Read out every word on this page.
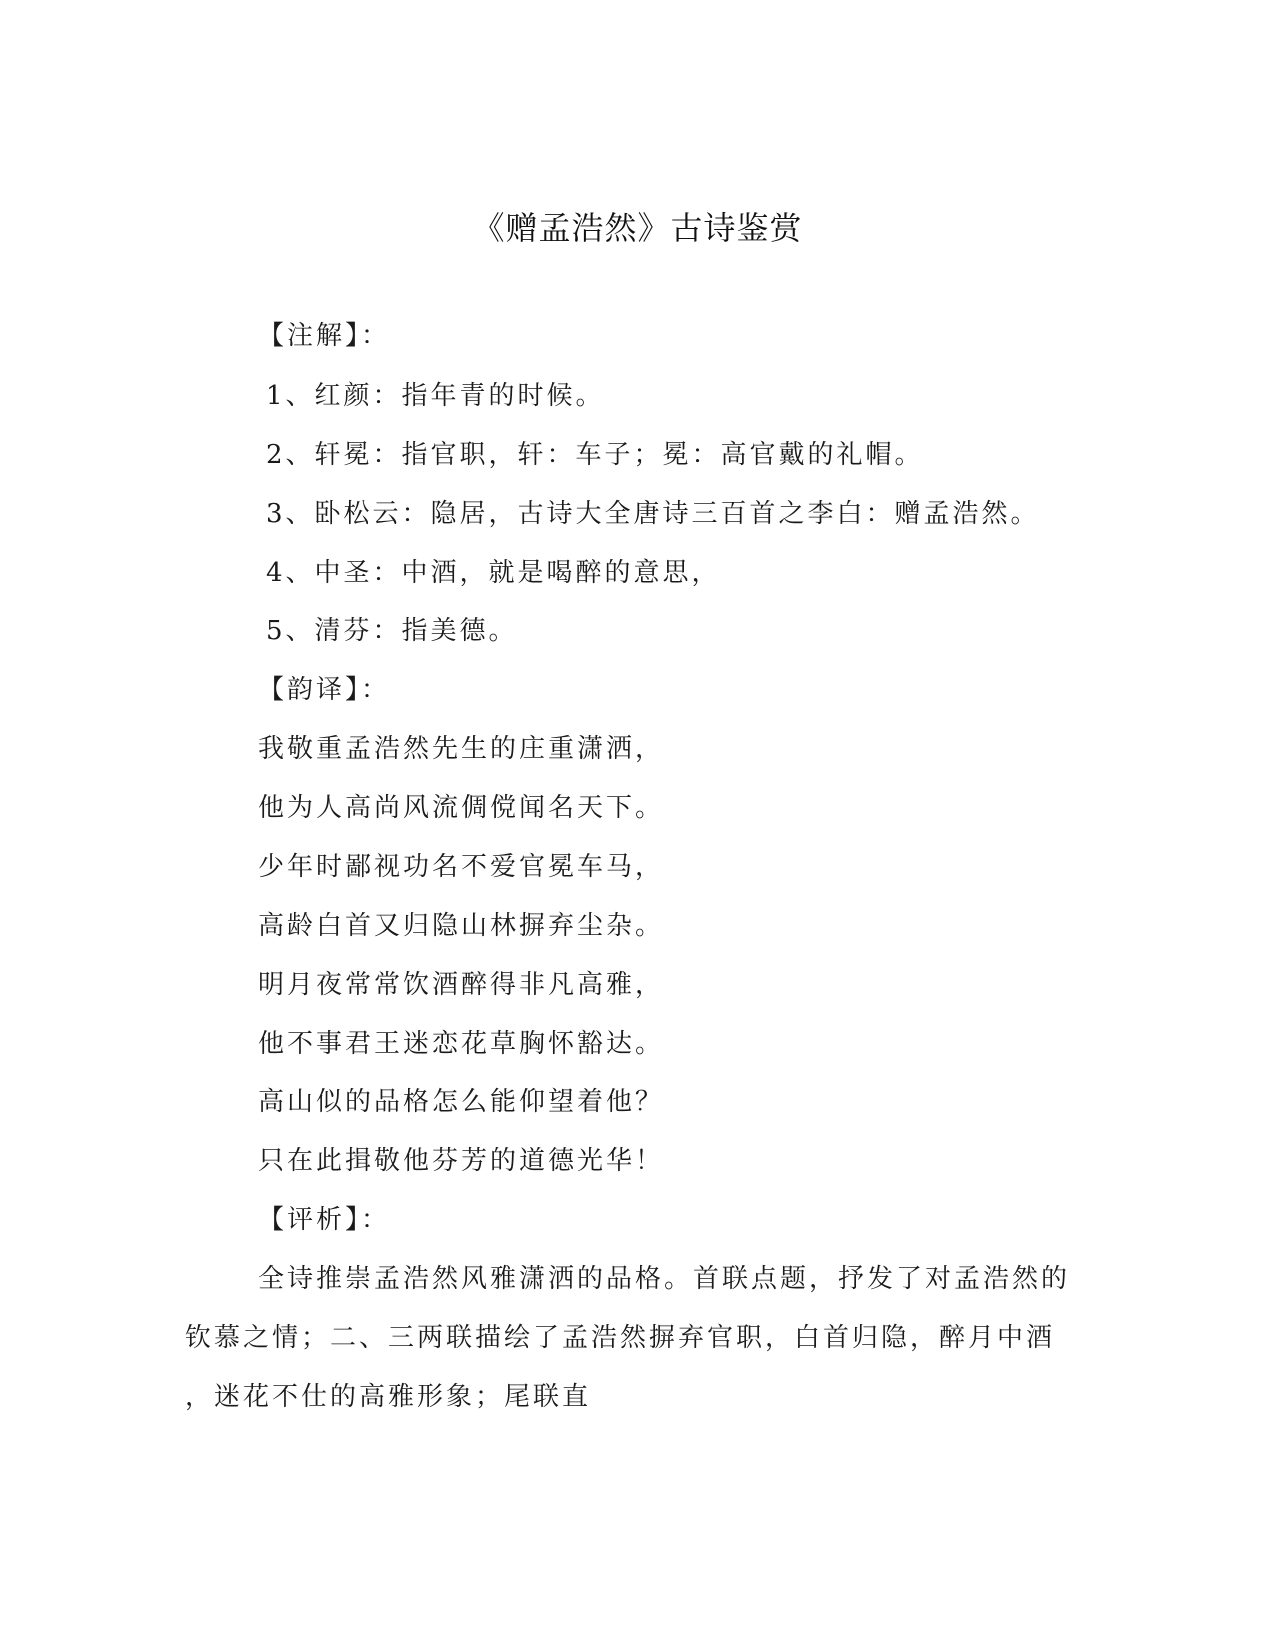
《赠孟浩然》古诗鉴赏

【注解】：

1、红颜：指年青的时候。

2、轩冕：指官职，轩：车子；冕：高官戴的礼帽。

3、卧松云：隐居，古诗大全唐诗三百首之李白：赠孟浩然。

4、中圣：中酒，就是喝醉的意思，

5、清芬：指美德。

【韵译】：

我敬重孟浩然先生的庄重潇洒，

他为人高尚风流倜傥闻名天下。

少年时鄙视功名不爱官冕车马，

高龄白首又归隐山林摒弃尘杂。

明月夜常常饮酒醉得非凡高雅，

他不事君王迷恋花草胸怀豁达。

高山似的品格怎么能仰望着他？

只在此揖敬他芬芳的道德光华！

【评析】：

全诗推崇孟浩然风雅潇洒的品格。首联点题，抒发了对孟浩然的

钦慕之情；二、三两联描绘了孟浩然摒弃官职，白首归隐，醉月中酒

，迷花不仕的高雅形象；尾联直
